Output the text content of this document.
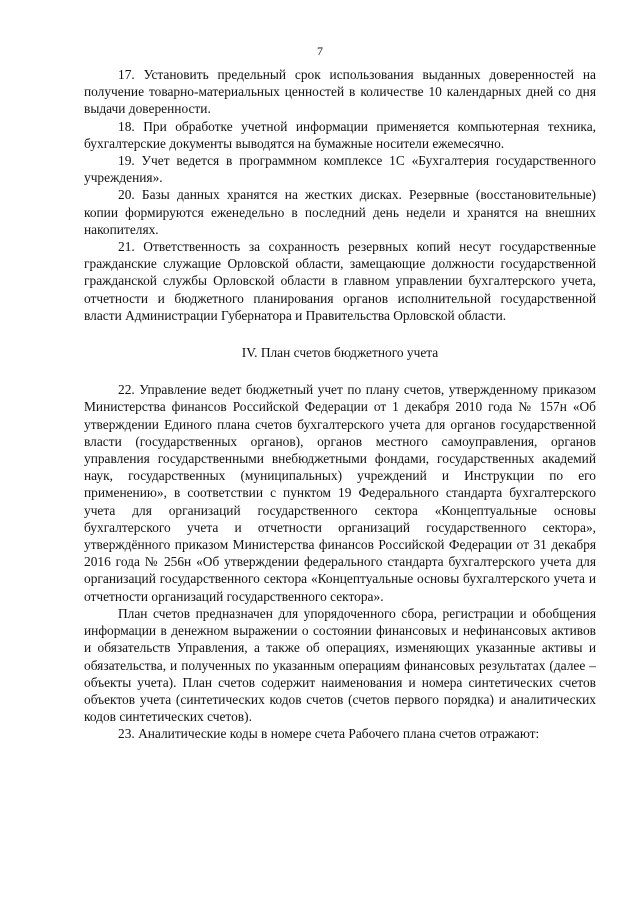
7

17. Установить предельный срок использования выданных доверенностей на получение товарно-материальных ценностей в количестве 10 календарных дней со дня выдачи доверенности.

18. При обработке учетной информации применяется компьютерная техника, бухгалтерские документы выводятся на бумажные носители ежемесячно.

19. Учет ведется в программном комплексе 1С «Бухгалтерия государственного учреждения».

20. Базы данных хранятся на жестких дисках. Резервные (восстановительные) копии формируются еженедельно в последний день недели и хранятся на внешних накопителях.

21. Ответственность за сохранность резервных копий несут государственные гражданские служащие Орловской области, замещающие должности государственной гражданской службы Орловской области в главном управлении бухгалтерского учета, отчетности и бюджетного планирования органов исполнительной государственной власти Администрации Губернатора и Правительства Орловской области.

IV. План счетов бюджетного учета

22. Управление ведет бюджетный учет по плану счетов, утвержденному приказом Министерства финансов Российской Федерации от 1 декабря 2010 года № 157н «Об утверждении Единого плана счетов бухгалтерского учета для органов государственной власти (государственных органов), органов местного самоуправления, органов управления государственными внебюджетными фондами, государственных академий наук, государственных (муниципальных) учреждений и Инструкции по его применению», в соответствии с пунктом 19 Федерального стандарта бухгалтерского учета для организаций государственного сектора «Концептуальные основы бухгалтерского учета и отчетности организаций государственного сектора», утверждённого приказом Министерства финансов Российской Федерации от 31 декабря 2016 года № 256н «Об утверждении федерального стандарта бухгалтерского учета для организаций государственного сектора «Концептуальные основы бухгалтерского учета и отчетности организаций государственного сектора».

План счетов предназначен для упорядоченного сбора, регистрации и обобщения информации в денежном выражении о состоянии финансовых и нефинансовых активов и обязательств Управления, а также об операциях, изменяющих указанные активы и обязательства, и полученных по указанным операциям финансовых результатах (далее – объекты учета). План счетов содержит наименования и номера синтетических счетов объектов учета (синтетических кодов счетов (счетов первого порядка) и аналитических кодов синтетических счетов).

23. Аналитические коды в номере счета Рабочего плана счетов отражают:
